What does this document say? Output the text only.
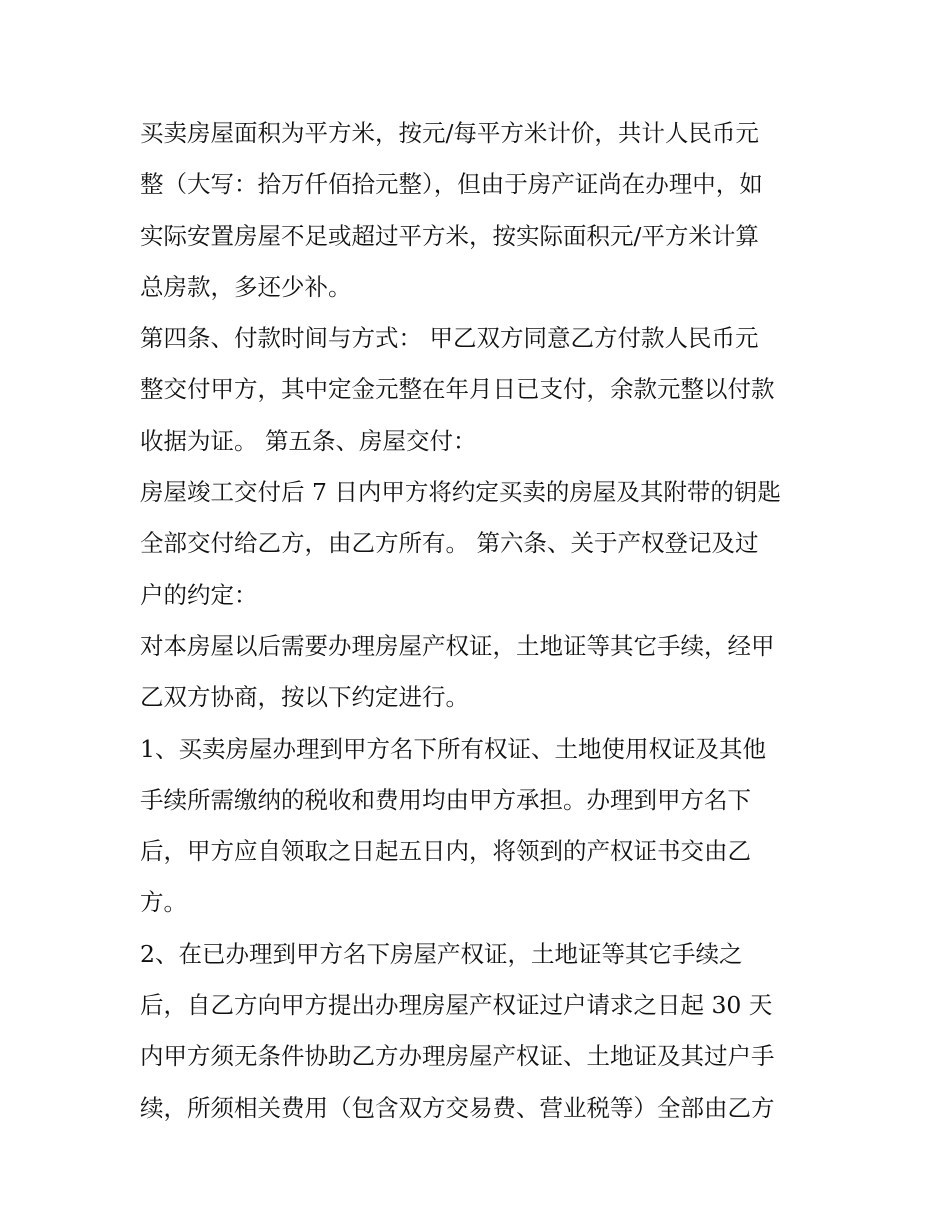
买卖房屋面积为平方米，按元/每平方米计价，共计人民币元
整（大写：拾万仟佰拾元整），但由于房产证尚在办理中，如
实际安置房屋不足或超过平方米，按实际面积元/平方米计算
总房款，多还少补。
第四条、付款时间与方式： 甲乙双方同意乙方付款人民币元
整交付甲方，其中定金元整在年月日已支付，余款元整以付款
收据为证。 第五条、房屋交付：
房屋竣工交付后 7 日内甲方将约定买卖的房屋及其附带的钥匙
全部交付给乙方，由乙方所有。 第六条、关于产权登记及过
户的约定：
对本房屋以后需要办理房屋产权证，土地证等其它手续，经甲
乙双方协商，按以下约定进行。
1、买卖房屋办理到甲方名下所有权证、土地使用权证及其他
手续所需缴纳的税收和费用均由甲方承担。办理到甲方名下
后，甲方应自领取之日起五日内，将领到的产权证书交由乙
方。
2、在已办理到甲方名下房屋产权证，土地证等其它手续之
后，自乙方向甲方提出办理房屋产权证过户请求之日起 30 天
内甲方须无条件协助乙方办理房屋产权证、土地证及其过户手
续，所须相关费用（包含双方交易费、营业税等）全部由乙方
